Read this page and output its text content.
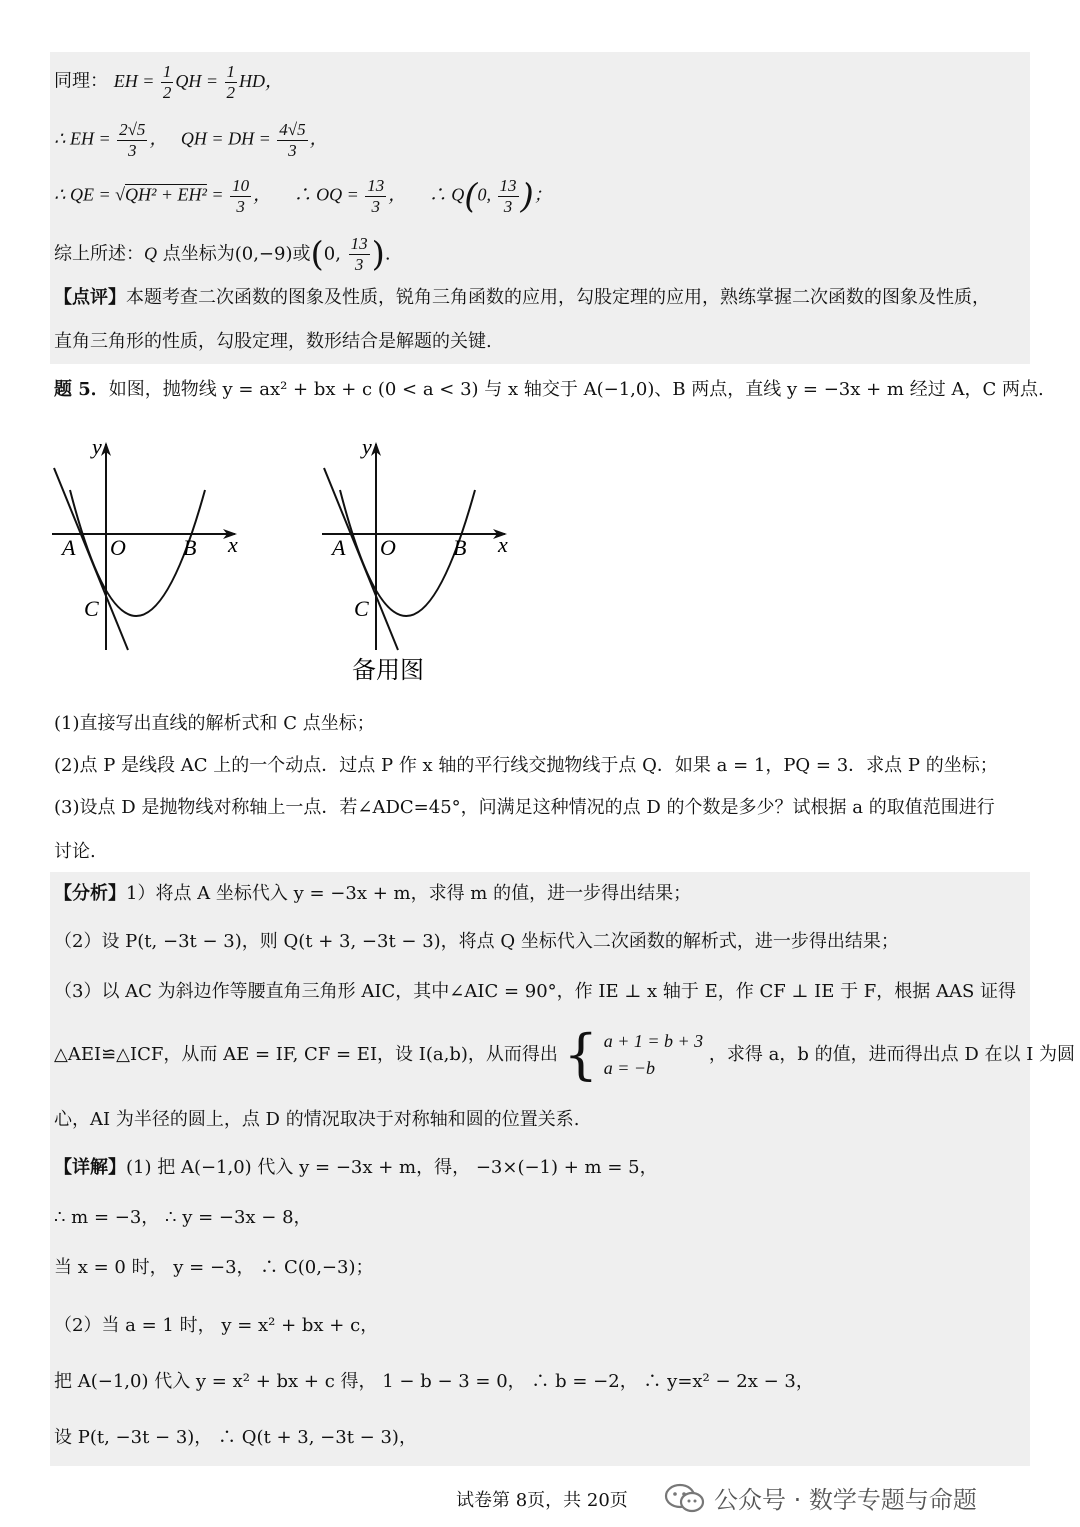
同理： EH = $\frac{1}{2}$ QH = $\frac{1}{2}$ HD，
∴ EH = $\frac{2√5}{3}$ ，   QH = DH = $\frac{4√5}{3}$ ，
∴ QE = $√QH^2 + EH^2 = \frac{10}{3}$ ，     ∴ OQ = $\frac{13}{3}$ ，     ∴ Q(0, $\frac{13}{3}$ )；
综上所述：Q 点坐标为(0,−9)或(0, $\frac{13}{3}$ ).
【点评】本题考查二次函数的图象及性质，锐角三角函数的应用，勾股定理的应用，熟练掌握二次函数的图象及性质，
直角三角形的性质，勾股定理，数形结合是解题的关键.
题 5．如图，抛物线 y = ax² + bx + c (0 < a < 3) 与 x 轴交于 A(−1,0)、B 两点，直线 y = −3x + m 经过 A，C 两点.
y
x
A O	B
C
y
x
A O	B
C
备用图
(1)直接写出直线的解析式和 C 点坐标；
(2)点 P 是线段 AC 上的一个动点．过点 P 作 x 轴的平行线交抛物线于点 Q．如果 a = 1，PQ = 3．求点 P 的坐标；
(3)设点 D 是抛物线对称轴上一点．若∠ADC=45°，问满足这种情况的点 D 的个数是多少？试根据 a 的取值范围进行
讨论.
【分析】1）将点 A 坐标代入 y = −3x + m，求得 m 的值，进一步得出结果；
（2）设 P(t, −3t − 3)，则 Q(t + 3, −3t − 3)，将点 Q 坐标代入二次函数的解析式，进一步得出结果；
（3）以 AC 为斜边作等腰直角三角形 AIC，其中∠AIC = 90°，作 IE ⊥ x 轴于 E，作 CF ⊥ IE 于 F，根据 AAS 证得
△AEI≌△ICF，从而 AE = IF, CF = EI，设 I(a,b)，从而得出 { a + 1 = b + 3
a = −b
，求得 a，b 的值，进而得出点 D 在以 I 为圆
心，AI 为半径的圆上，点 D 的情况取决于对称轴和圆的位置关系.
【详解】(1) 把 A(−1,0) 代入 y = −3x + m，得， −3×(−1) + m = 5，
∴ m = −3， ∴ y = −3x − 8，
当 x = 0 时， y = −3， ∴ C(0,−3)；
（2）当 a = 1 时， y = x² + bx + c，
把 A(−1,0) 代入 y = x² + bx + c 得， 1 − b − 3 = 0， ∴ b = −2， ∴ y=x² − 2x − 3，
设 P(t, −3t − 3)， ∴ Q(t + 3, −3t − 3)，
试卷第 8页，共 20页	公众号 · 数学专题与命题
